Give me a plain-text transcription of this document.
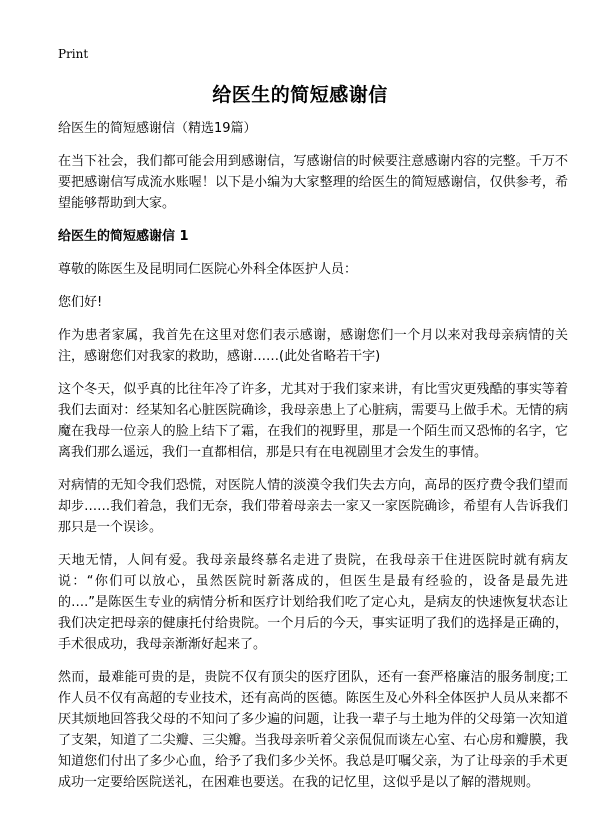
Print
给医生的简短感谢信

给医生的简短感谢信（精选19篇）

在当下社会，我们都可能会用到感谢信，写感谢信的时候要注意感谢内容的完整。千万不要把感谢信写成流水账喔！以下是小编为大家整理的给医生的简短感谢信，仅供参考，希望能够帮助到大家。

给医生的简短感谢信 1

尊敬的陈医生及昆明同仁医院心外科全体医护人员：

您们好!

作为患者家属，我首先在这里对您们表示感谢，感谢您们一个月以来对我母亲病情的关注，感谢您们对我家的救助，感谢……(此处省略若干字)

这个冬天，似乎真的比往年冷了许多，尤其对于我们家来讲，有比雪灾更残酷的事实等着我们去面对：经某知名心脏医院确诊，我母亲患上了心脏病，需要马上做手术。无情的病魔在我母一位亲人的脸上结下了霜，在我们的视野里，那是一个陌生而又恐怖的名字，它离我们那么遥远，我们一直都相信，那是只有在电视剧里才会发生的事情。

对病情的无知令我们恐慌，对医院人情的淡漠令我们失去方向，高昂的医疗费令我们望而却步……我们着急，我们无奈，我们带着母亲去一家又一家医院确诊，希望有人告诉我们那只是一个误诊。

天地无情，人间有爱。我母亲最终慕名走进了贵院，在我母亲干住进医院时就有病友说：“你们可以放心，虽然医院时新落成的，但医生是最有经验的，设备是最先进的….”是陈医生专业的病情分析和医疗计划给我们吃了定心丸，是病友的快速恢复状态让我们决定把母亲的健康托付给贵院。一个月后的今天，事实证明了我们的选择是正确的，手术很成功，我母亲渐渐好起来了。

然而，最难能可贵的是，贵院不仅有顶尖的医疗团队，还有一套严格廉洁的服务制度;工作人员不仅有高超的专业技术，还有高尚的医德。陈医生及心外科全体医护人员从来都不厌其烦地回答我父母的不知问了多少遍的问题，让我一辈子与土地为伴的父母第一次知道了支架，知道了二尖瓣、三尖瓣。当我母亲听着父亲侃侃而谈左心室、右心房和瓣膜，我知道您们付出了多少心血，给予了我们多少关怀。我总是叮嘱父亲，为了让母亲的手术更成功一定要给医院送礼，在困难也要送。在我的记忆里，这似乎是以了解的潜规则。
